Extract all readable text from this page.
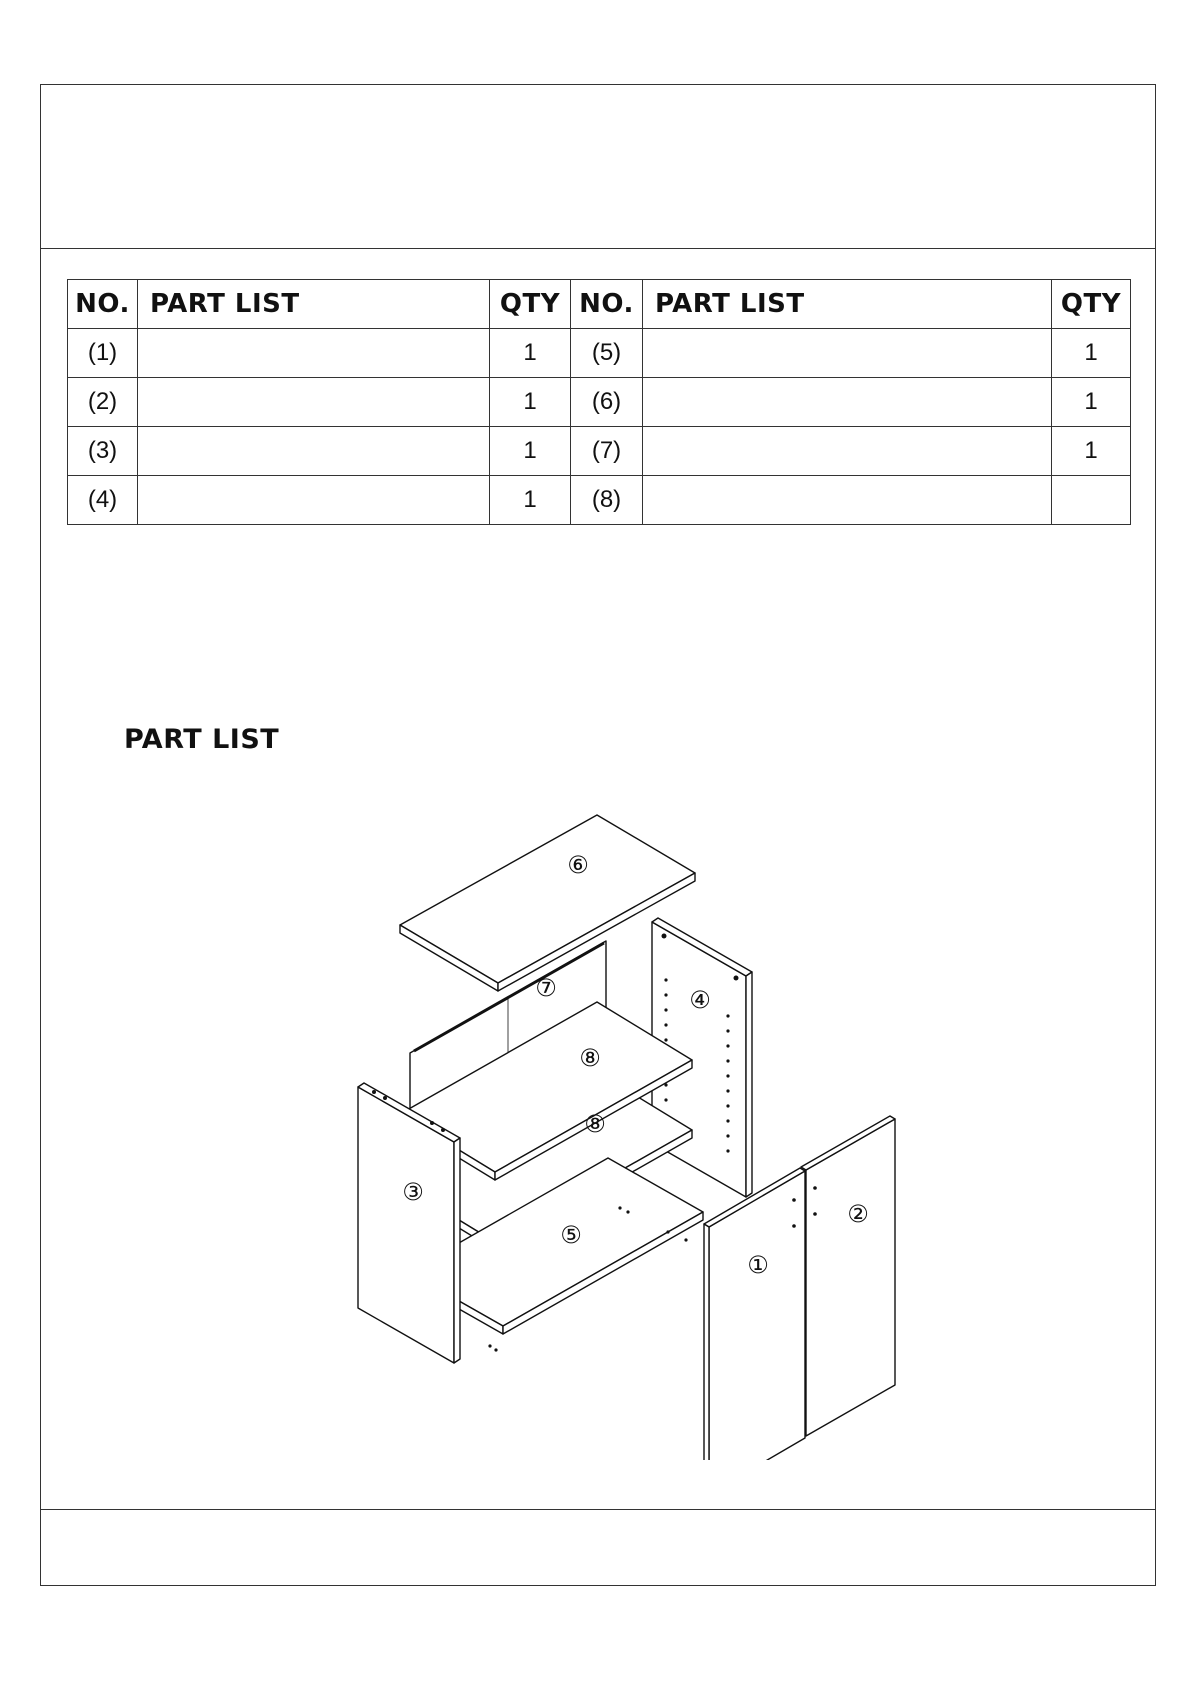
NO.	PART LIST	QTY	NO.	PART LIST	QTY
(1)		1	(5)		1
(2)		1	(6)		1
(3)		1	(7)		1
(4)		1	(8)		
PART LIST
①
②
③
④
⑤
⑥
⑦
⑧
⑧
